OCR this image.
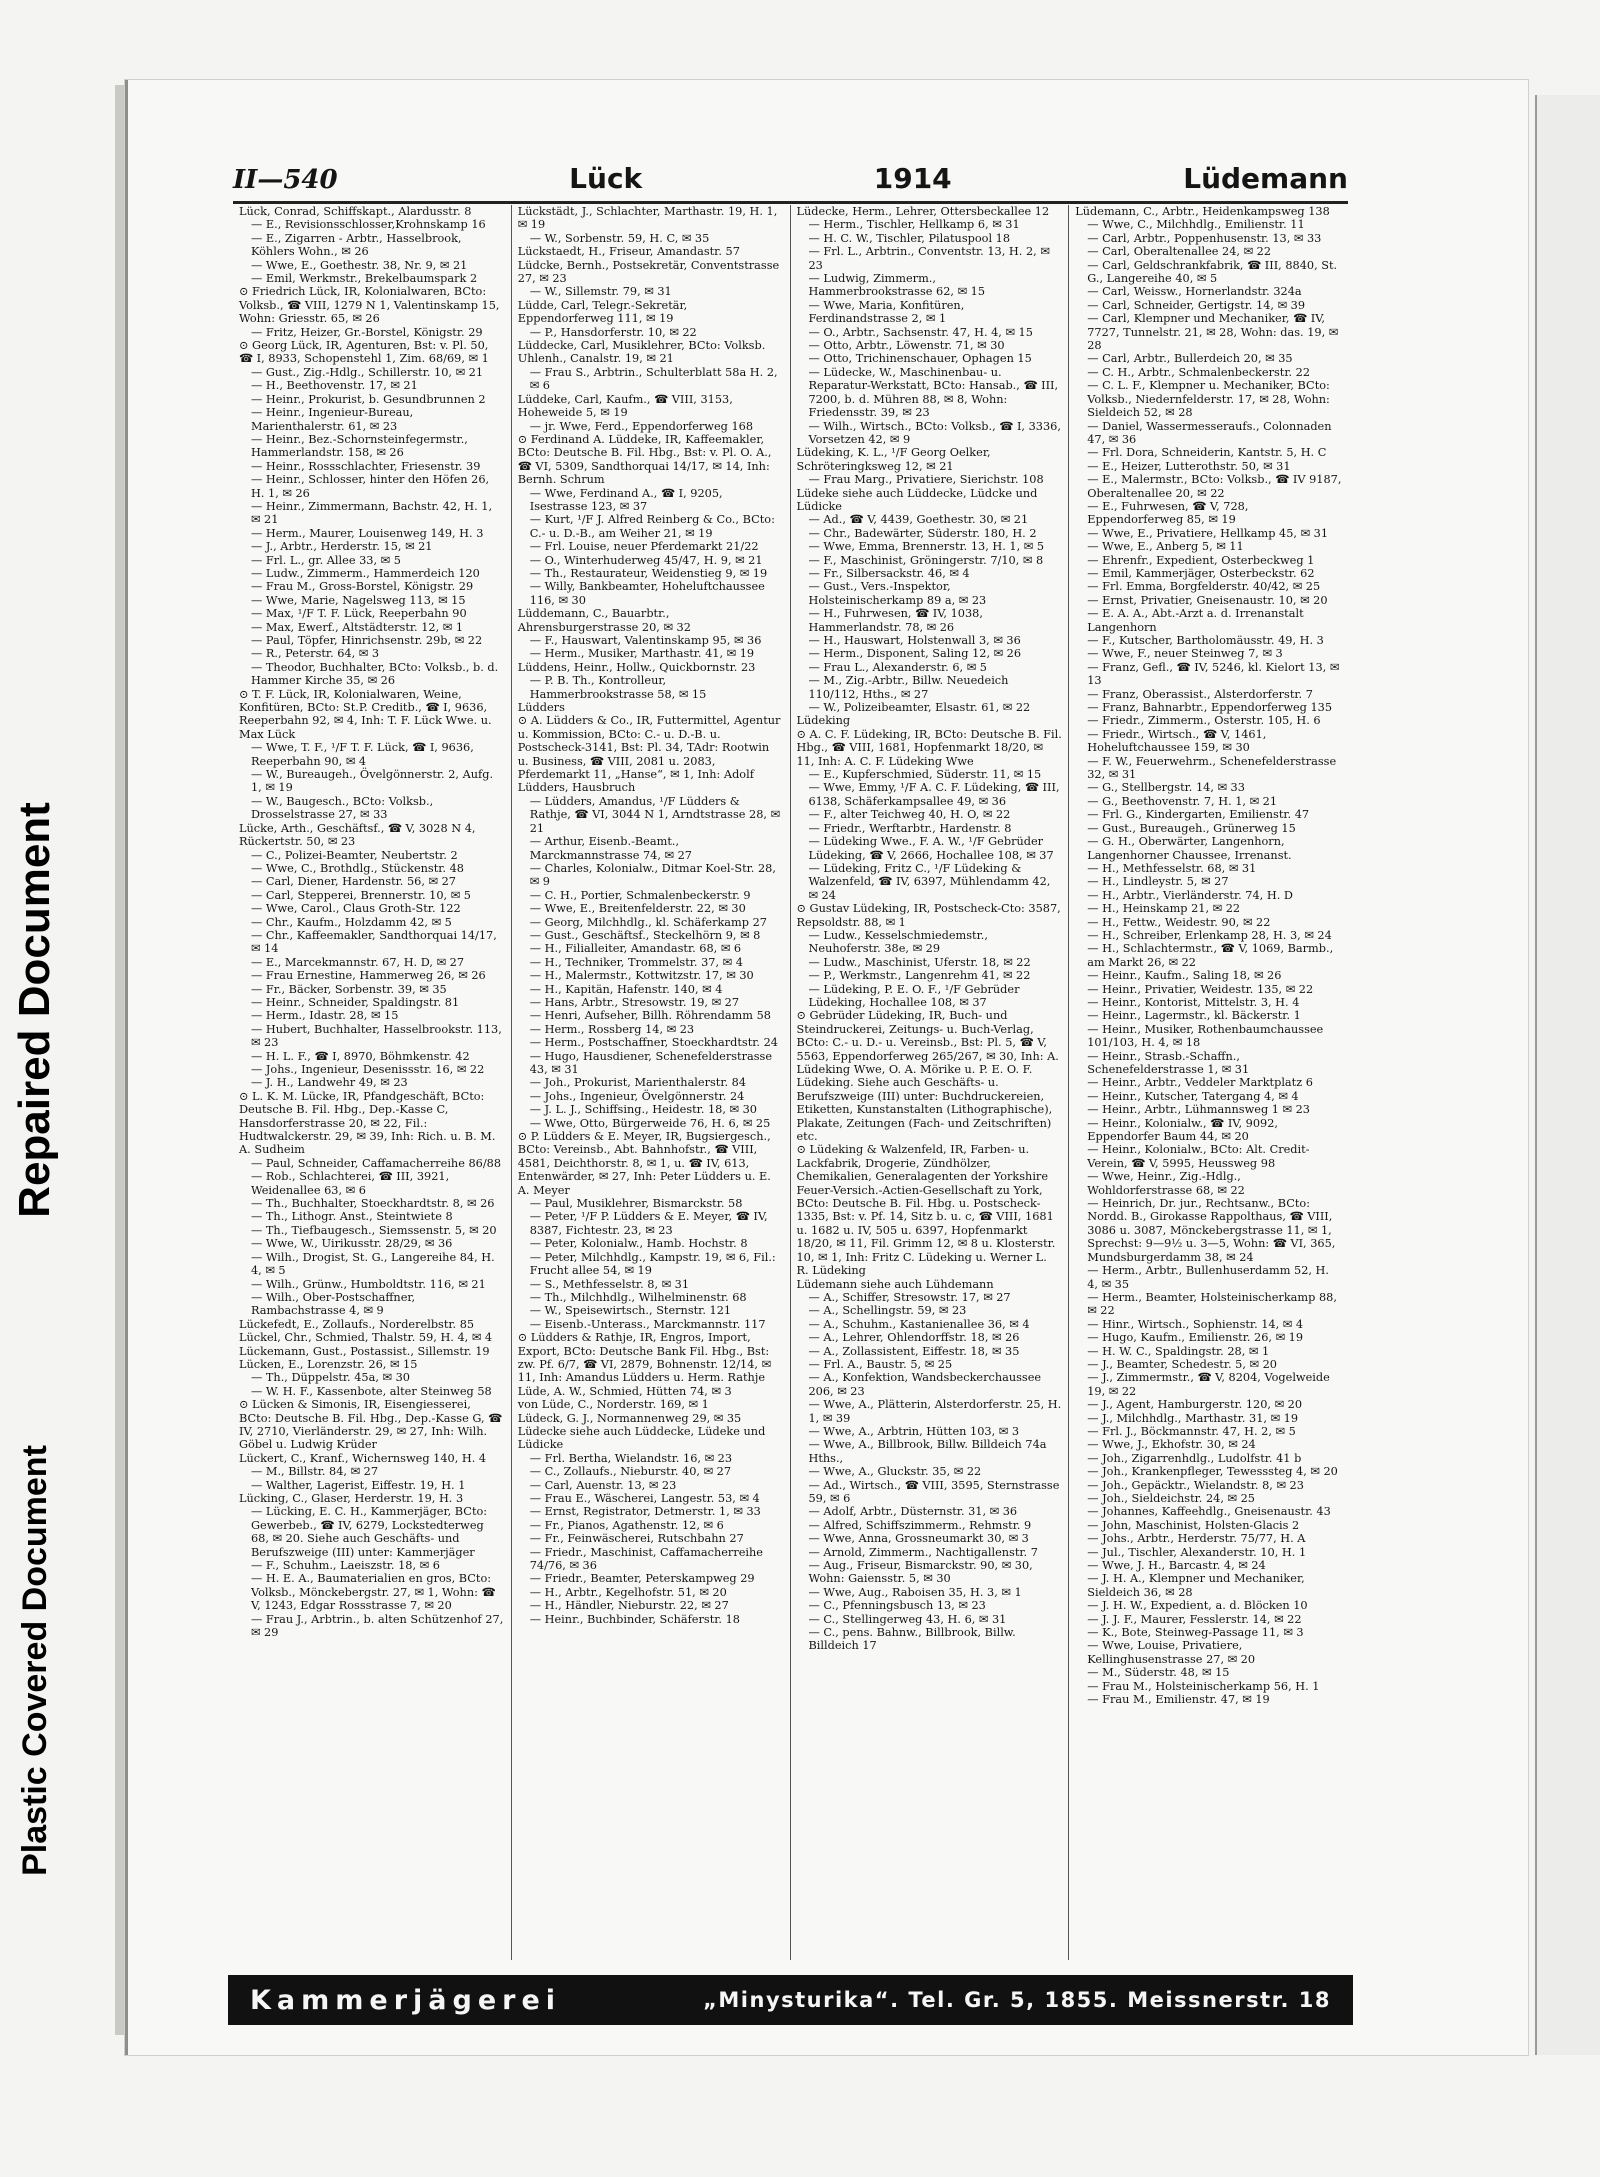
Repaired Document
Plastic Covered Document
II—540	Lück	1914	Lüdemann

Lück, Conrad, Schiffskapt., Alardusstr. 8

— E., Revisionsschlosser,Krohnskamp 16

— E., Zigarren - Arbtr., Hasselbrook, Köhlers Wohn., ✉ 26

— Wwe, E., Goethestr. 38, Nr. 9, ✉ 21

— Emil, Werkmstr., Brekelbaumspark 2

⊙ Friedrich Lück, IR, Kolonialwaren, BCto: Volksb., ☎ VIII, 1279 N 1, Valentinskamp 15, Wohn: Griesstr. 65, ✉ 26

— Fritz, Heizer, Gr.-Borstel, Königstr. 29

⊙ Georg Lück, IR, Agenturen, Bst: v. Pl. 50, ☎ I, 8933, Schopenstehl 1, Zim. 68/69, ✉ 1

— Gust., Zig.-Hdlg., Schillerstr. 10, ✉ 21

— H., Beethovenstr. 17, ✉ 21

— Heinr., Prokurist, b. Gesundbrunnen 2

— Heinr., Ingenieur-Bureau, Marienthalerstr. 61, ✉ 23

— Heinr., Bez.-Schornsteinfegermstr., Hammerlandstr. 158, ✉ 26

— Heinr., Rossschlachter, Friesenstr. 39

— Heinr., Schlosser, hinter den Höfen 26, H. 1, ✉ 26

— Heinr., Zimmermann, Bachstr. 42, H. 1, ✉ 21

— Herm., Maurer, Louisenweg 149, H. 3

— J., Arbtr., Herderstr. 15, ✉ 21

— Frl. L., gr. Allee 33, ✉ 5

— Ludw., Zimmerm., Hammerdeich 120

— Frau M., Gross-Borstel, Königstr. 29

— Wwe, Marie, Nagelsweg 113, ✉ 15

— Max, ¹/F T. F. Lück, Reeperbahn 90

— Max, Ewerf., Altstädterstr. 12, ✉ 1

— Paul, Töpfer, Hinrichsenstr. 29b, ✉ 22

— R., Peterstr. 64, ✉ 3

— Theodor, Buchhalter, BCto: Volksb., b. d. Hammer Kirche 35, ✉ 26

⊙ T. F. Lück, IR, Kolonialwaren, Weine, Konfitüren, BCto: St.P. Creditb., ☎ I, 9636, Reeperbahn 92, ✉ 4, Inh: T. F. Lück Wwe. u. Max Lück

— Wwe, T. F., ¹/F T. F. Lück, ☎ I, 9636, Reeperbahn 90, ✉ 4

— W., Bureaugeh., Övelgönnerstr. 2, Aufg. 1, ✉ 19

— W., Baugesch., BCto: Volksb., Drosselstrasse 27, ✉ 33

Lücke, Arth., Geschäftsf., ☎ V, 3028 N 4, Rückertstr. 50, ✉ 23

— C., Polizei-Beamter, Neubertstr. 2

— Wwe, C., Brothdlg., Stückenstr. 48

— Carl, Diener, Hardenstr. 56, ✉ 27

— Carl, Stepperei, Brennerstr. 10, ✉ 5

— Wwe, Carol., Claus Groth-Str. 122

— Chr., Kaufm., Holzdamm 42, ✉ 5

— Chr., Kaffeemakler, Sandthorquai 14/17, ✉ 14

— E., Marcekmannstr. 67, H. D, ✉ 27

— Frau Ernestine, Hammerweg 26, ✉ 26

— Fr., Bäcker, Sorbenstr. 39, ✉ 35

— Heinr., Schneider, Spaldingstr. 81

— Herm., Idastr. 28, ✉ 15

— Hubert, Buchhalter, Hasselbrookstr. 113, ✉ 23

— H. L. F., ☎ I, 8970, Böhmkenstr. 42

— Johs., Ingenieur, Desenissstr. 16, ✉ 22

— J. H., Landwehr 49, ✉ 23

⊙ L. K. M. Lücke, IR, Pfandgeschäft, BCto: Deutsche B. Fil. Hbg., Dep.-Kasse C, Hansdorferstrasse 20, ✉ 22, Fil.: Hudtwalckerstr. 29, ✉ 39, Inh: Rich. u. B. M. A. Sudheim

— Paul, Schneider, Caffamacherreihe 86/88

— Rob., Schlachterei, ☎ III, 3921, Weidenallee 63, ✉ 6

— Th., Buchhalter, Stoeckhardtstr. 8, ✉ 26

— Th., Lithogr. Anst., Steintwiete 8

— Th., Tiefbaugesch., Siemssenstr. 5, ✉ 20

— Wwe, W., Uirikusstr. 28/29, ✉ 36

— Wilh., Drogist, St. G., Langereihe 84, H. 4, ✉ 5

— Wilh., Grünw., Humboldtstr. 116, ✉ 21

— Wilh., Ober-Postschaffner, Rambachstrasse 4, ✉ 9

Lückefedt, E., Zollaufs., Norderelbstr. 85

Lückel, Chr., Schmied, Thalstr. 59, H. 4, ✉ 4

Lückemann, Gust., Postassist., Sillemstr. 19

Lücken, E., Lorenzstr. 26, ✉ 15

— Th., Düppelstr. 45a, ✉ 30

— W. H. F., Kassenbote, alter Steinweg 58

⊙ Lücken & Simonis, IR, Eisengiesserei, BCto: Deutsche B. Fil. Hbg., Dep.-Kasse G, ☎ IV, 2710, Vierländerstr. 29, ✉ 27, Inh: Wilh. Göbel u. Ludwig Krüder

Lückert, C., Kranf., Wichernsweg 140, H. 4

— M., Billstr. 84, ✉ 27

— Walther, Lagerist, Eiffestr. 19, H. 1

Lücking, C., Glaser, Herderstr. 19, H. 3

— Lücking, E. C. H., Kammerjäger, BCto: Gewerbeb., ☎ IV, 6279, Lockstedterweg 68, ✉ 20. Siehe auch Geschäfts- und Berufszweige (III) unter: Kammerjäger

— F., Schuhm., Laeiszstr. 18, ✉ 6

— H. E. A., Baumaterialien en gros, BCto: Volksb., Mönckebergstr. 27, ✉ 1, Wohn: ☎ V, 1243, Edgar Rossstrasse 7, ✉ 20

— Frau J., Arbtrin., b. alten Schützenhof 27, ✉ 29

Lückstädt, J., Schlachter, Marthastr. 19, H. 1, ✉ 19

— W., Sorbenstr. 59, H. C, ✉ 35

Lückstaedt, H., Friseur, Amandastr. 57

Lüdcke, Bernh., Postsekretär, Conventstrasse 27, ✉ 23

— W., Sillemstr. 79, ✉ 31

Lüdde, Carl, Telegr.-Sekretär, Eppendorferweg 111, ✉ 19

— P., Hansdorferstr. 10, ✉ 22

Lüddecke, Carl, Musiklehrer, BCto: Volksb. Uhlenh., Canalstr. 19, ✉ 21

— Frau S., Arbtrin., Schulterblatt 58a H. 2, ✉ 6

Lüddeke, Carl, Kaufm., ☎ VIII, 3153, Hoheweide 5, ✉ 19

— jr. Wwe, Ferd., Eppendorferweg 168

⊙ Ferdinand A. Lüddeke, IR, Kaffeemakler, BCto: Deutsche B. Fil. Hbg., Bst: v. Pl. O. A., ☎ VI, 5309, Sandthorquai 14/17, ✉ 14, Inh: Bernh. Schrum

— Wwe, Ferdinand A., ☎ I, 9205, Isestrasse 123, ✉ 37

— Kurt, ¹/F J. Alfred Reinberg & Co., BCto: C.- u. D.-B., am Weiher 21, ✉ 19

— Frl. Louise, neuer Pferdemarkt 21/22

— O., Winterhuderweg 45/47, H. 9, ✉ 21

— Th., Restaurateur, Weidenstieg 9, ✉ 19

— Willy, Bankbeamter, Hoheluftchaussee 116, ✉ 30

Lüddemann, C., Bauarbtr., Ahrensburgerstrasse 20, ✉ 32

— F., Hauswart, Valentinskamp 95, ✉ 36

— Herm., Musiker, Marthastr. 41, ✉ 19

Lüddens, Heinr., Hollw., Quickbornstr. 23

— P. B. Th., Kontrolleur, Hammerbrookstrasse 58, ✉ 15

Lüdders

⊙ A. Lüdders & Co., IR, Futtermittel, Agentur u. Kommission, BCto: C.- u. D.-B. u. Postscheck-3141, Bst: Pl. 34, TAdr: Rootwin u. Business, ☎ VIII, 2081 u. 2083, Pferdemarkt 11, „Hanse“, ✉ 1, Inh: Adolf Lüdders, Hausbruch

— Lüdders, Amandus, ¹/F Lüdders & Rathje, ☎ VI, 3044 N 1, Arndtstrasse 28, ✉ 21

— Arthur, Eisenb.-Beamt., Marckmannstrasse 74, ✉ 27

— Charles, Kolonialw., Ditmar Koel-Str. 28, ✉ 9

— C. H., Portier, Schmalenbeckerstr. 9

— Wwe, E., Breitenfelderstr. 22, ✉ 30

— Georg, Milchhdlg., kl. Schäferkamp 27

— Gust., Geschäftsf., Steckelhörn 9, ✉ 8

— H., Filialleiter, Amandastr. 68, ✉ 6

— H., Techniker, Trommelstr. 37, ✉ 4

— H., Malermstr., Kottwitzstr. 17, ✉ 30

— H., Kapitän, Hafenstr. 140, ✉ 4

— Hans, Arbtr., Stresowstr. 19, ✉ 27

— Henri, Aufseher, Billh. Röhrendamm 58

— Herm., Rossberg 14, ✉ 23

— Herm., Postschaffner, Stoeckhardtstr. 24

— Hugo, Hausdiener, Schenefelderstrasse 43, ✉ 31

— Joh., Prokurist, Marienthalerstr. 84

— Johs., Ingenieur, Övelgönnerstr. 24

— J. L. J., Schiffsing., Heidestr. 18, ✉ 30

— Wwe, Otto, Bürgerweide 76, H. 6, ✉ 25

⊙ P. Lüdders & E. Meyer, IR, Bugsiergesch., BCto: Vereinsb., Abt. Bahnhofstr., ☎ VIII, 4581, Deichthorstr. 8, ✉ 1, u. ☎ IV, 613, Entenwärder, ✉ 27, Inh: Peter Lüdders u. E. A. Meyer

— Paul, Musiklehrer, Bismarckstr. 58

— Peter, ¹/F P. Lüdders & E. Meyer, ☎ IV, 8387, Fichtestr. 23, ✉ 23

— Peter, Kolonialw., Hamb. Hochstr. 8

— Peter, Milchhdlg., Kampstr. 19, ✉ 6, Fil.: Frucht allee 54, ✉ 19

— S., Methfesselstr. 8, ✉ 31

— Th., Milchhdlg., Wilhelminenstr. 68

— W., Speisewirtsch., Sternstr. 121

— Eisenb.-Unterass., Marckmannstr. 117

⊙ Lüdders & Rathje, IR, Engros, Import, Export, BCto: Deutsche Bank Fil. Hbg., Bst: zw. Pf. 6/7, ☎ VI, 2879, Bohnenstr. 12/14, ✉ 11, Inh: Amandus Lüdders u. Herm. Rathje

Lüde, A. W., Schmied, Hütten 74, ✉ 3

von Lüde, C., Norderstr. 169, ✉ 1

Lüdeck, G. J., Normannenweg 29, ✉ 35

Lüdecke siehe auch Lüddecke, Lüdeke und Lüdicke

— Frl. Bertha, Wielandstr. 16, ✉ 23

— C., Zollaufs., Nieburstr. 40, ✉ 27

— Carl, Auenstr. 13, ✉ 23

— Frau E., Wäscherei, Langestr. 53, ✉ 4

— Ernst, Registrator, Detmerstr. 1, ✉ 33

— Fr., Pianos, Agathenstr. 12, ✉ 6

— Fr., Feinwäscherei, Rutschbahn 27

— Friedr., Maschinist, Caffamacherreihe 74/76, ✉ 36

— Friedr., Beamter, Peterskampweg 29

— H., Arbtr., Kegelhofstr. 51, ✉ 20

— H., Händler, Nieburstr. 22, ✉ 27

— Heinr., Buchbinder, Schäferstr. 18

Lüdecke, Herm., Lehrer, Ottersbeckallee 12

— Herm., Tischler, Hellkamp 6, ✉ 31

— H. C. W., Tischler, Pilatuspool 18

— Frl. L., Arbtrin., Conventstr. 13, H. 2, ✉ 23

— Ludwig, Zimmerm., Hammerbrookstrasse 62, ✉ 15

— Wwe, Maria, Konfitüren, Ferdinandstrasse 2, ✉ 1

— O., Arbtr., Sachsenstr. 47, H. 4, ✉ 15

— Otto, Arbtr., Löwenstr. 71, ✉ 30

— Otto, Trichinenschauer, Ophagen 15

— Lüdecke, W., Maschinenbau- u. Reparatur-Werkstatt, BCto: Hansab., ☎ III, 7200, b. d. Mühren 88, ✉ 8, Wohn: Friedensstr. 39, ✉ 23

— Wilh., Wirtsch., BCto: Volksb., ☎ I, 3336, Vorsetzen 42, ✉ 9

Lüdeking, K. L., ¹/F Georg Oelker, Schröteringksweg 12, ✉ 21

— Frau Marg., Privatiere, Sierichstr. 108

Lüdeke siehe auch Lüddecke, Lüdcke und Lüdicke

— Ad., ☎ V, 4439, Goethestr. 30, ✉ 21

— Chr., Badewärter, Süderstr. 180, H. 2

— Wwe, Emma, Brennerstr. 13, H. 1, ✉ 5

— F., Maschinist, Gröningerstr. 7/10, ✉ 8

— Fr., Silbersackstr. 46, ✉ 4

— Gust., Vers.-Inspektor, Holsteinischerkamp 89 a, ✉ 23

— H., Fuhrwesen, ☎ IV, 1038, Hammerlandstr. 78, ✉ 26

— H., Hauswart, Holstenwall 3, ✉ 36

— Herm., Disponent, Saling 12, ✉ 26

— Frau L., Alexanderstr. 6, ✉ 5

— M., Zig.-Arbtr., Billw. Neuedeich 110/112, Hths., ✉ 27

— W., Polizeibeamter, Elsastr. 61, ✉ 22

Lüdeking

⊙ A. C. F. Lüdeking, IR, BCto: Deutsche B. Fil. Hbg., ☎ VIII, 1681, Hopfenmarkt 18/20, ✉ 11, Inh: A. C. F. Lüdeking Wwe

— E., Kupferschmied, Süderstr. 11, ✉ 15

— Wwe, Emmy, ¹/F A. C. F. Lüdeking, ☎ III, 6138, Schäferkampsallee 49, ✉ 36

— F., alter Teichweg 40, H. O, ✉ 22

— Friedr., Werftarbtr., Hardenstr. 8

— Lüdeking Wwe., F. A. W., ¹/F Gebrüder Lüdeking, ☎ V, 2666, Hochallee 108, ✉ 37

— Lüdeking, Fritz C., ¹/F Lüdeking & Walzenfeld, ☎ IV, 6397, Mühlendamm 42, ✉ 24

⊙ Gustav Lüdeking, IR, Postscheck-Cto: 3587, Repsoldstr. 88, ✉ 1

— Ludw., Kesselschmiedemstr., Neuhoferstr. 38e, ✉ 29

— Ludw., Maschinist, Uferstr. 18, ✉ 22

— P., Werkmstr., Langenrehm 41, ✉ 22

— Lüdeking, P. E. O. F., ¹/F Gebrüder Lüdeking, Hochallee 108, ✉ 37

⊙ Gebrüder Lüdeking, IR, Buch- und Steindruckerei, Zeitungs- u. Buch-Verlag, BCto: C.- u. D.- u. Vereinsb., Bst: Pl. 5, ☎ V, 5563, Eppendorferweg 265/267, ✉ 30, Inh: A. Lüdeking Wwe, O. A. Mörike u. P. E. O. F. Lüdeking. Siehe auch Geschäfts- u. Berufszweige (III) unter: Buchdruckereien, Etiketten, Kunstanstalten (Lithographische), Plakate, Zeitungen (Fach- und Zeitschriften) etc.

⊙ Lüdeking & Walzenfeld, IR, Farben- u. Lackfabrik, Drogerie, Zündhölzer, Chemikalien, Generalagenten der Yorkshire Feuer-Versich.-Actien-Gesellschaft zu York, BCto: Deutsche B. Fil. Hbg. u. Postscheck-1335, Bst: v. Pf. 14, Sitz b. u. c, ☎ VIII, 1681 u. 1682 u. IV, 505 u. 6397, Hopfenmarkt 18/20, ✉ 11, Fil. Grimm 12, ✉ 8 u. Klosterstr. 10, ✉ 1, Inh: Fritz C. Lüdeking u. Werner L. R. Lüdeking

Lüdemann siehe auch Lühdemann

— A., Schiffer, Stresowstr. 17, ✉ 27

— A., Schellingstr. 59, ✉ 23

— A., Schuhm., Kastanienallee 36, ✉ 4

— A., Lehrer, Ohlendorffstr. 18, ✉ 26

— A., Zollassistent, Eiffestr. 18, ✉ 35

— Frl. A., Baustr. 5, ✉ 25

— A., Konfektion, Wandsbeckerchaussee 206, ✉ 23

— Wwe, A., Plätterin, Alsterdorferstr. 25, H. 1, ✉ 39

— Wwe, A., Arbtrin, Hütten 103, ✉ 3

— Wwe, A., Billbrook, Billw. Billdeich 74a Hths.,

— Wwe, A., Gluckstr. 35, ✉ 22

— Ad., Wirtsch., ☎ VIII, 3595, Sternstrasse 59, ✉ 6

— Adolf, Arbtr., Düsternstr. 31, ✉ 36

— Alfred, Schiffszimmerm., Rehmstr. 9

— Wwe, Anna, Grossneumarkt 30, ✉ 3

— Arnold, Zimmerm., Nachtigallenstr. 7

— Aug., Friseur, Bismarckstr. 90, ✉ 30, Wohn: Gaiensstr. 5, ✉ 30

— Wwe, Aug., Raboisen 35, H. 3, ✉ 1

— C., Pfenningsbusch 13, ✉ 23

— C., Stellingerweg 43, H. 6, ✉ 31

— C., pens. Bahnw., Billbrook, Billw. Billdeich 17

Lüdemann, C., Arbtr., Heidenkampsweg 138

— Wwe, C., Milchhdlg., Emilienstr. 11

— Carl, Arbtr., Poppenhusenstr. 13, ✉ 33

— Carl, Oberaltenallee 24, ✉ 22

— Carl, Geldschrankfabrik, ☎ III, 8840, St. G., Langereihe 40, ✉ 5

— Carl, Weissw., Hornerlandstr. 324a

— Carl, Schneider, Gertigstr. 14, ✉ 39

— Carl, Klempner und Mechaniker, ☎ IV, 7727, Tunnelstr. 21, ✉ 28, Wohn: das. 19, ✉ 28

— Carl, Arbtr., Bullerdeich 20, ✉ 35

— C. H., Arbtr., Schmalenbeckerstr. 22

— C. L. F., Klempner u. Mechaniker, BCto: Volksb., Niedernfelderstr. 17, ✉ 28, Wohn: Sieldeich 52, ✉ 28

— Daniel, Wassermesseraufs., Colonnaden 47, ✉ 36

— Frl. Dora, Schneiderin, Kantstr. 5, H. C

— E., Heizer, Lutterothstr. 50, ✉ 31

— E., Malermstr., BCto: Volksb., ☎ IV 9187, Oberaltenallee 20, ✉ 22

— E., Fuhrwesen, ☎ V, 728, Eppendorferweg 85, ✉ 19

— Wwe, E., Privatiere, Hellkamp 45, ✉ 31

— Wwe, E., Anberg 5, ✉ 11

— Ehrenfr., Expedient, Osterbeckweg 1

— Emil, Kammerjäger, Osterbeckstr. 62

— Frl. Emma, Borgfelderstr. 40/42, ✉ 25

— Ernst, Privatier, Gneisenaustr. 10, ✉ 20

— E. A. A., Abt.-Arzt a. d. Irrenanstalt Langenhorn

— F., Kutscher, Bartholomäusstr. 49, H. 3

— Wwe, F., neuer Steinweg 7, ✉ 3

— Franz, Gefl., ☎ IV, 5246, kl. Kielort 13, ✉ 13

— Franz, Oberassist., Alsterdorferstr. 7

— Franz, Bahnarbtr., Eppendorferweg 135

— Friedr., Zimmerm., Osterstr. 105, H. 6

— Friedr., Wirtsch., ☎ V, 1461, Hoheluftchaussee 159, ✉ 30

— F. W., Feuerwehrm., Schenefelderstrasse 32, ✉ 31

— G., Stellbergstr. 14, ✉ 33

— G., Beethovenstr. 7, H. 1, ✉ 21

— Frl. G., Kindergarten, Emilienstr. 47

— Gust., Bureaugeh., Grünerweg 15

— G. H., Oberwärter, Langenhorn, Langenhorner Chaussee, Irrenanst.

— H., Methfesselstr. 68, ✉ 31

— H., Lindleystr. 5, ✉ 27

— H., Arbtr., Vierländerstr. 74, H. D

— H., Heinskamp 21, ✉ 22

— H., Fettw., Weidestr. 90, ✉ 22

— H., Schreiber, Erlenkamp 28, H. 3, ✉ 24

— H., Schlachtermstr., ☎ V, 1069, Barmb., am Markt 26, ✉ 22

— Heinr., Kaufm., Saling 18, ✉ 26

— Heinr., Privatier, Weidestr. 135, ✉ 22

— Heinr., Kontorist, Mittelstr. 3, H. 4

— Heinr., Lagermstr., kl. Bäckerstr. 1

— Heinr., Musiker, Rothenbaumchaussee 101/103, H. 4, ✉ 18

— Heinr., Strasb.-Schaffn., Schenefelderstrasse 1, ✉ 31

— Heinr., Arbtr., Veddeler Marktplatz 6

— Heinr., Kutscher, Tatergang 4, ✉ 4

— Heinr., Arbtr., Lühmannsweg 1 ✉ 23

— Heinr., Kolonialw., ☎ IV, 9092, Eppendorfer Baum 44, ✉ 20

— Heinr., Kolonialw., BCto: Alt. Credit-Verein, ☎ V, 5995, Heussweg 98

— Wwe, Heinr., Zig.-Hdlg., Wohldorferstrasse 68, ✉ 22

— Heinrich, Dr. jur., Rechtsanw., BCto: Nordd. B., Girokasse Rappolthaus, ☎ VIII, 3086 u. 3087, Mönckebergstrasse 11, ✉ 1, Sprechst: 9—9½ u. 3—5, Wohn: ☎ VI, 365, Mundsburgerdamm 38, ✉ 24

— Herm., Arbtr., Bullenhuserdamm 52, H. 4, ✉ 35

— Herm., Beamter, Holsteinischerkamp 88, ✉ 22

— Hinr., Wirtsch., Sophienstr. 14, ✉ 4

— Hugo, Kaufm., Emilienstr. 26, ✉ 19

— H. W. C., Spaldingstr. 28, ✉ 1

— J., Beamter, Schedestr. 5, ✉ 20

— J., Zimmermstr., ☎ V, 8204, Vogelweide 19, ✉ 22

— J., Agent, Hamburgerstr. 120, ✉ 20

— J., Milchhdlg., Marthastr. 31, ✉ 19

— Frl. J., Böckmannstr. 47, H. 2, ✉ 5

— Wwe, J., Ekhofstr. 30, ✉ 24

— Joh., Zigarrenhdlg., Ludolfstr. 41 b

— Joh., Krankenpfleger, Tewesssteg 4, ✉ 20

— Joh., Gepäcktr., Wielandstr. 8, ✉ 23

— Joh., Sieldeichstr. 24, ✉ 25

— Johannes, Kaffeehdlg., Gneisenaustr. 43

— John, Maschinist, Holsten-Glacis 2

— Johs., Arbtr., Herderstr. 75/77, H. A

— Jul., Tischler, Alexanderstr. 10, H. 1

— Wwe, J. H., Barcastr. 4, ✉ 24

— J. H. A., Klempner und Mechaniker, Sieldeich 36, ✉ 28

— J. H. W., Expedient, a. d. Blöcken 10

— J. J. F., Maurer, Fesslerstr. 14, ✉ 22

— K., Bote, Steinweg-Passage 11, ✉ 3

— Wwe, Louise, Privatiere, Kellinghusenstrasse 27, ✉ 20

— M., Süderstr. 48, ✉ 15

— Frau M., Holsteinischerkamp 56, H. 1

— Frau M., Emilienstr. 47, ✉ 19

Kammerjägerei	„Minysturika“. Tel. Gr. 5, 1855. Meissnerstr. 18
